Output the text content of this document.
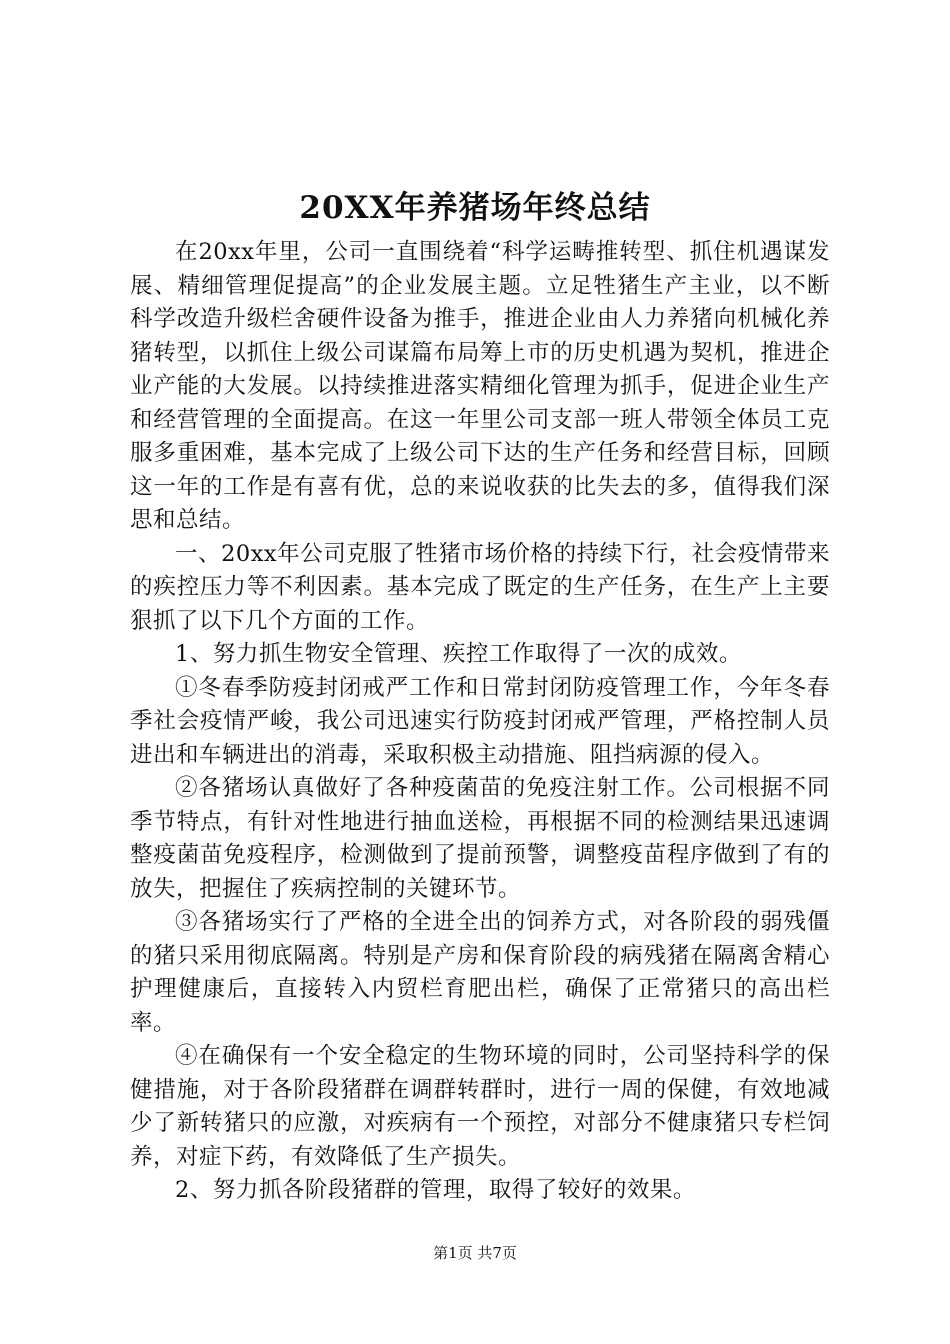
20XX年养猪场年终总结

在20xx年里，公司一直围绕着“科学运畴推转型、抓住机遇谋发展、精细管理促提高”的企业发展主题。立足牲猪生产主业，以不断科学改造升级栏舍硬件设备为推手，推进企业由人力养猪向机械化养猪转型，以抓住上级公司谋篇布局筹上市的历史机遇为契机，推进企业产能的大发展。以持续推进落实精细化管理为抓手，促进企业生产和经营管理的全面提高。在这一年里公司支部一班人带领全体员工克服多重困难，基本完成了上级公司下达的生产任务和经营目标，回顾这一年的工作是有喜有优，总的来说收获的比失去的多，值得我们深思和总结。

一、20xx年公司克服了牲猪市场价格的持续下行，社会疫情带来的疾控压力等不利因素。基本完成了既定的生产任务，在生产上主要狠抓了以下几个方面的工作。

1、努力抓生物安全管理、疾控工作取得了一次的成效。

①冬春季防疫封闭戒严工作和日常封闭防疫管理工作，今年冬春季社会疫情严峻，我公司迅速实行防疫封闭戒严管理，严格控制人员进出和车辆进出的消毒，采取积极主动措施、阻挡病源的侵入。

②各猪场认真做好了各种疫菌苗的免疫注射工作。公司根据不同季节特点，有针对性地进行抽血送检，再根据不同的检测结果迅速调整疫菌苗免疫程序，检测做到了提前预警，调整疫苗程序做到了有的放失，把握住了疾病控制的关键环节。

③各猪场实行了严格的全进全出的饲养方式，对各阶段的弱残僵的猪只采用彻底隔离。特别是产房和保育阶段的病残猪在隔离舍精心护理健康后，直接转入内贸栏育肥出栏，确保了正常猪只的高出栏率。

④在确保有一个安全稳定的生物环境的同时，公司坚持科学的保健措施，对于各阶段猪群在调群转群时，进行一周的保健，有效地减少了新转猪只的应激，对疾病有一个预控，对部分不健康猪只专栏饲养，对症下药，有效降低了生产损失。

2、努力抓各阶段猪群的管理，取得了较好的效果。

第1页 共7页
